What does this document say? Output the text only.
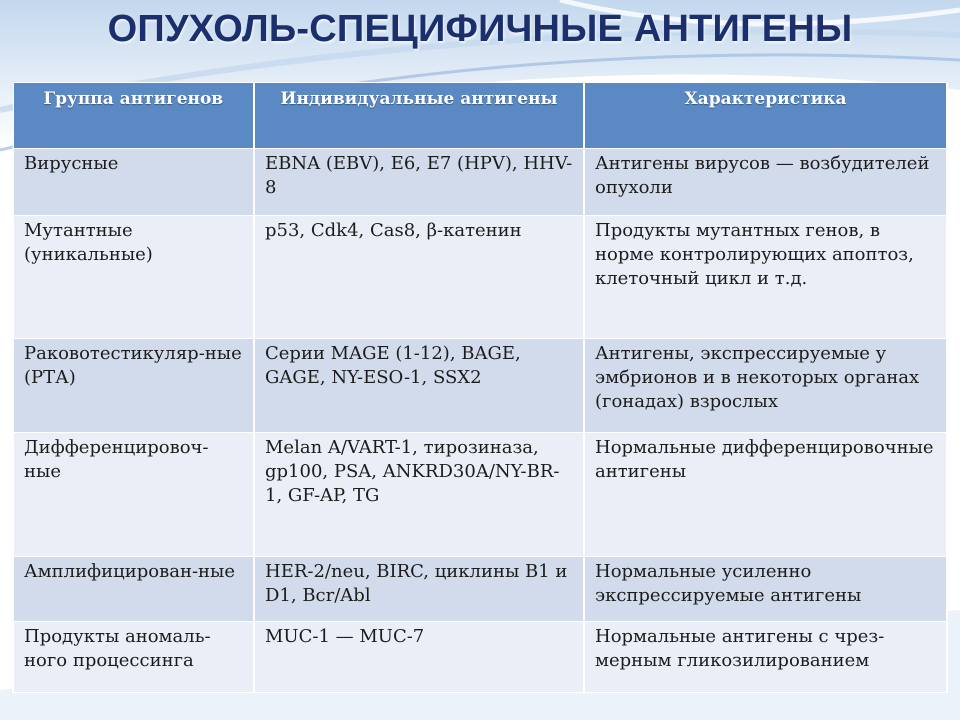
ОПУХОЛЬ-СПЕЦИФИЧНЫЕ АНТИГЕНЫ
Группа антигенов	Индивидуальные антигены	Характеристика
Вирусные	EBNA (EBV), E6, E7 (HPV), HHV-8	Антигены вирусов — возбудителей опухоли
Мутантные (уникальные)	p53, Cdk4, Cas8, β-катенин	Продукты мутантных генов, в норме контролирующих апоптоз, клеточный цикл и т.д.
Раковотестикуляр-ные (РТА)	Серии MAGE (1-12), BAGE, GAGE, NY-ESO-1, SSX2	Антигены, экспрессируемые у эмбрионов и в некоторых органах (гонадах) взрослых
Дифференцировоч-ные	Melan A/VART-1, тирозиназа, gp100, PSA, ANKRD30A/NY-BR-1, GF-AP, TG	Нормальные дифференцировочные антигены
Амплифицирован-ные	HER-2/neu, BIRC, циклины B1 и D1, Bcr/Abl	Нормальные усиленно экспрессируемые антигены
Продукты аномаль-ного процессинга	MUC-1 — MUC-7	Нормальные антигены с чрез-мерным гликозилированием
